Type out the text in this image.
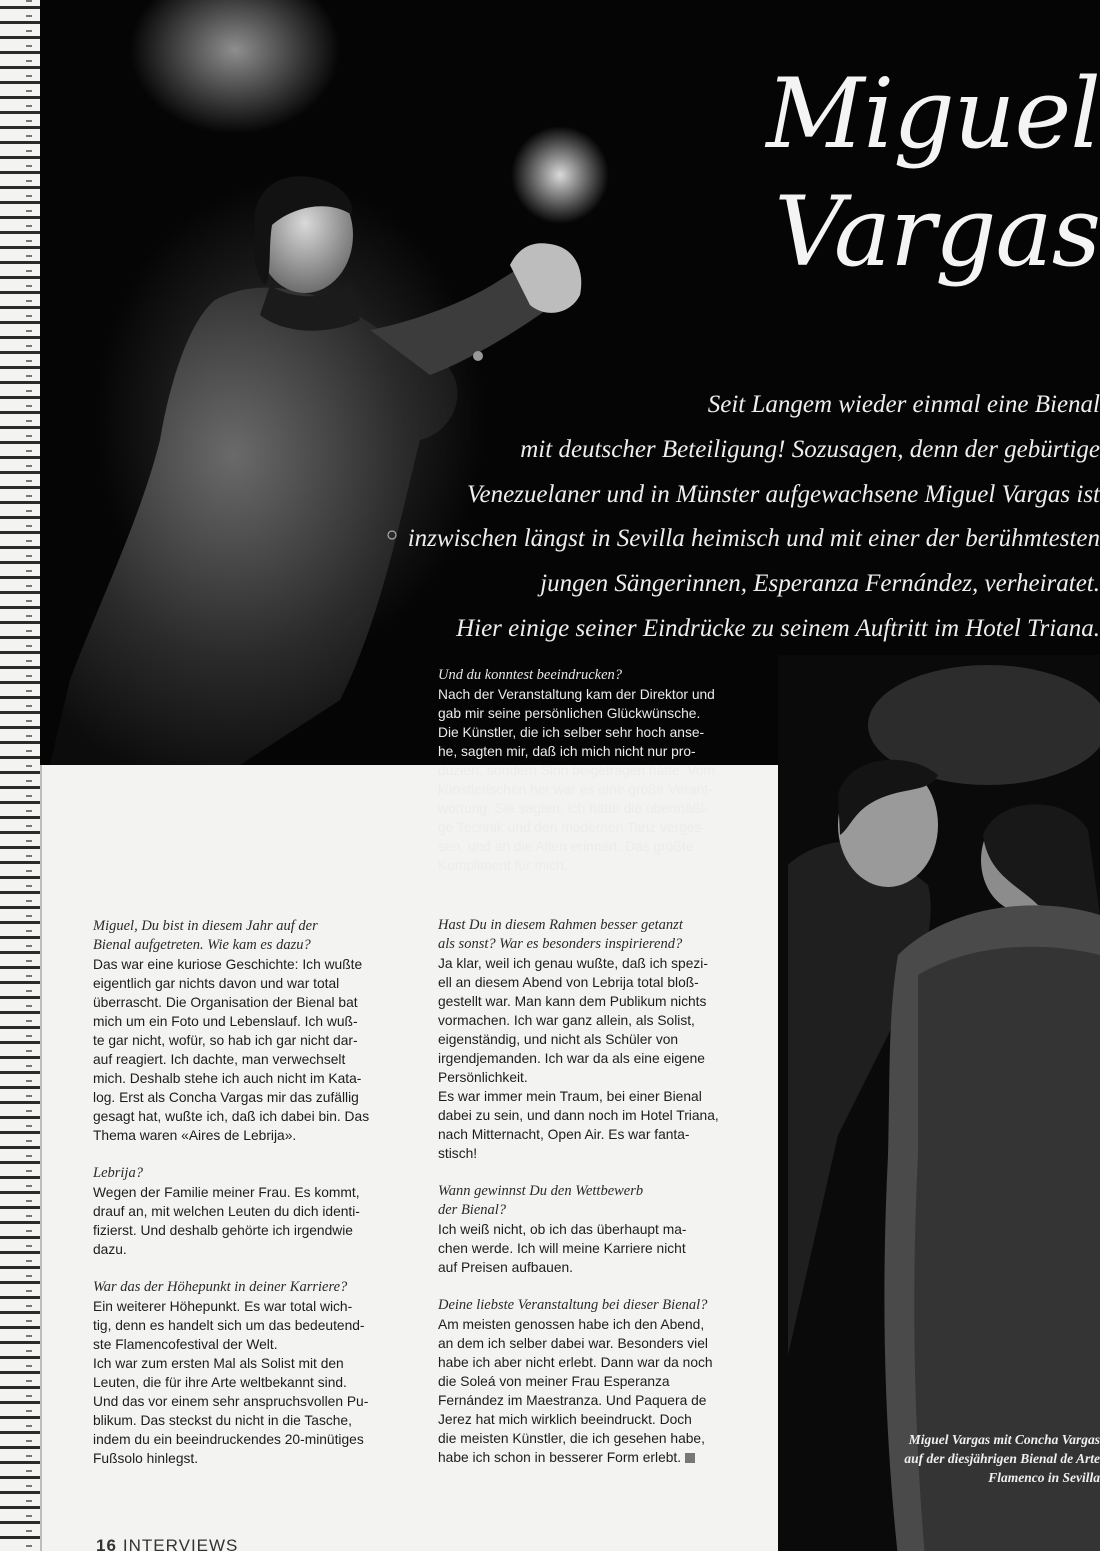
Miguel
Vargas
Seit Langem wieder einmal eine Bienal
mit deutscher Beteiligung! Sozusagen, denn der gebürtige
Venezuelaner und in Münster aufgewachsene Miguel Vargas ist
inzwischen längst in Sevilla heimisch und mit einer der berühmtesten
jungen Sängerinnen, Esperanza Fernández, verheiratet.
Hier einige seiner Eindrücke zu seinem Auftritt im Hotel Triana.
Miguel Vargas mit Concha Vargas
auf der diesjährigen Bienal de Arte
Flamenco in Sevilla

Miguel, Du bist in diesem Jahr auf der
Bienal aufgetreten. Wie kam es dazu?

Das war eine kuriose Geschichte: Ich wußte
eigentlich gar nichts davon und war total
überrascht. Die Organisation der Bienal bat
mich um ein Foto und Lebenslauf. Ich wuß-
te gar nicht, wofür, so hab ich gar nicht dar-
auf reagiert. Ich dachte, man verwechselt
mich. Deshalb stehe ich auch nicht im Kata-
log. Erst als Concha Vargas mir das zufällig
gesagt hat, wußte ich, daß ich dabei bin. Das
Thema waren «Aires de Lebrija».

Lebrija?

Wegen der Familie meiner Frau. Es kommt,
drauf an, mit welchen Leuten du dich identi-
fizierst. Und deshalb gehörte ich irgendwie
dazu.

War das der Höhepunkt in deiner Karriere?

Ein weiterer Höhepunkt. Es war total wich-
tig, denn es handelt sich um das bedeutend-
ste Flamencofestival der Welt.
Ich war zum ersten Mal als Solist mit den
Leuten, die für ihre Arte weltbekannt sind.
Und das vor einem sehr anspruchsvollen Pu-
blikum. Das steckst du nicht in die Tasche,
indem du ein beeindruckendes 20-minütiges
Fußsolo hinlegst.

Und du konntest beeindrucken?

Nach der Veranstaltung kam der Direktor und
gab mir seine persönlichen Glückwünsche.
Die Künstler, die ich selber sehr hoch anse-
he, sagten mir, daß ich mich nicht nur pro-
duziert, sondern Sinn beigetragen hätte. Vom
künstlerischen her war es eine große Verant-
wortung. Sie sagten, ich hätte die übermäßi-
ge Technik und den modernen Tanz verges-
sen, und an die Alten erinnert. Das größte
Kompliment für mich.

Hast Du in diesem Rahmen besser getanzt
als sonst? War es besonders inspirierend?

Ja klar, weil ich genau wußte, daß ich spezi-
ell an diesem Abend von Lebrija total bloß-
gestellt war. Man kann dem Publikum nichts
vormachen. Ich war ganz allein, als Solist,
eigenständig, und nicht als Schüler von
irgendjemanden. Ich war da als eine eigene
Persönlichkeit.
Es war immer mein Traum, bei einer Bienal
dabei zu sein, und dann noch im Hotel Triana,
nach Mitternacht, Open Air. Es war fanta-
stisch!

Wann gewinnst Du den Wettbewerb
der Bienal?

Ich weiß nicht, ob ich das überhaupt ma-
chen werde. Ich will meine Karriere nicht
auf Preisen aufbauen.

Deine liebste Veranstaltung bei dieser Bienal?

Am meisten genossen habe ich den Abend,
an dem ich selber dabei war. Besonders viel
habe ich aber nicht erlebt. Dann war da noch
die Soleá von meiner Frau Esperanza
Fernández im Maestranza. Und Paquera de
Jerez hat mich wirklich beeindruckt. Doch
die meisten Künstler, die ich gesehen habe,
habe ich schon in besserer Form erlebt.

16 INTERVIEWS
